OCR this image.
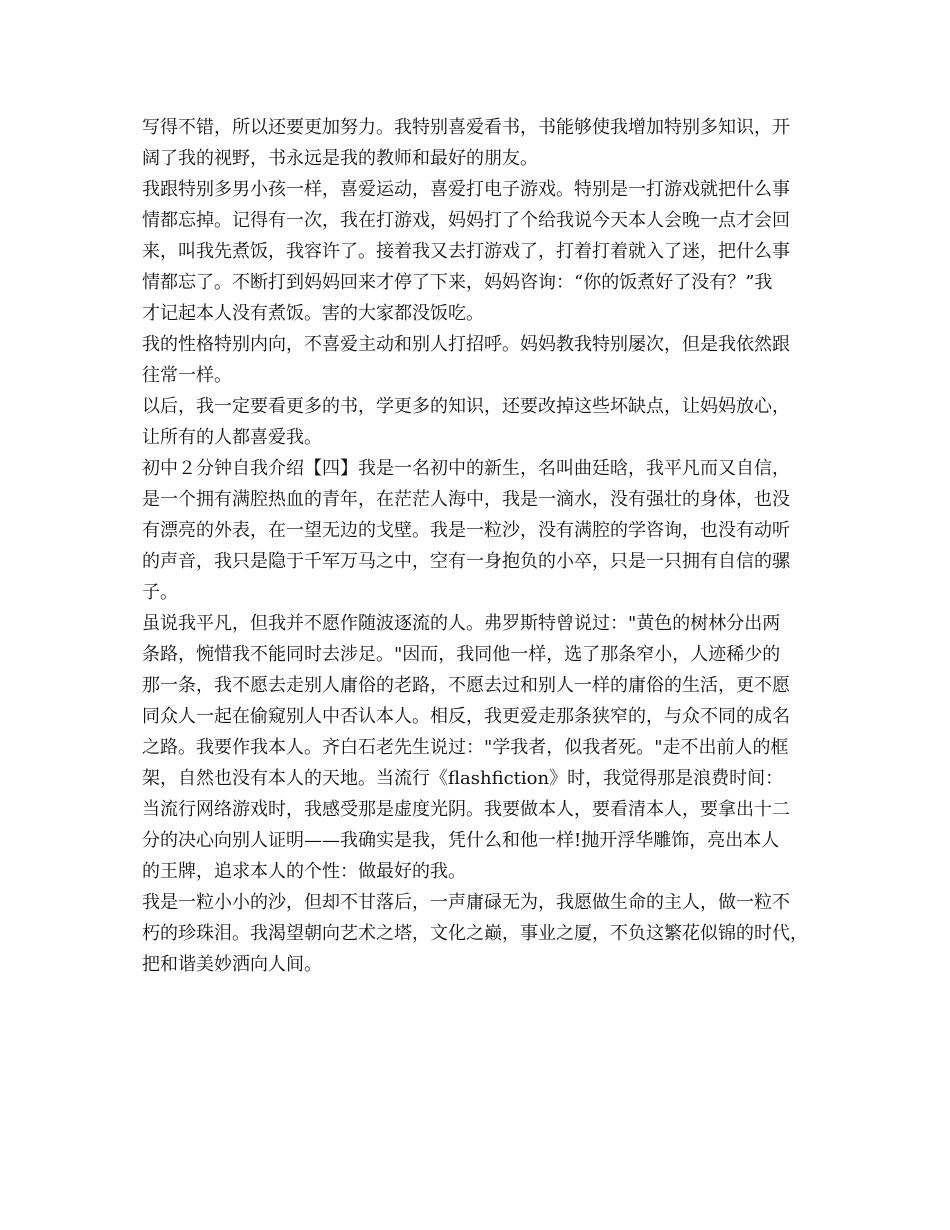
写得不错，所以还要更加努力。我特别喜爱看书，书能够使我增加特别多知识，开
阔了我的视野，书永远是我的教师和最好的朋友。

我跟特别多男小孩一样，喜爱运动，喜爱打电子游戏。特别是一打游戏就把什么事
情都忘掉。记得有一次，我在打游戏，妈妈打了个给我说今天本人会晚一点才会回
来，叫我先煮饭，我容许了。接着我又去打游戏了，打着打着就入了迷，把什么事
情都忘了。不断打到妈妈回来才停了下来，妈妈咨询：“你的饭煮好了没有？”我
才记起本人没有煮饭。害的大家都没饭吃。

我的性格特别内向，不喜爱主动和别人打招呼。妈妈教我特别屡次，但是我依然跟
往常一样。

以后，我一定要看更多的书，学更多的知识，还要改掉这些坏缺点，让妈妈放心，
让所有的人都喜爱我。

初中２分钟自我介绍【四】我是一名初中的新生，名叫曲廷晗，我平凡而又自信，
是一个拥有满腔热血的青年，在茫茫人海中，我是一滴水，没有强壮的身体，也没
有漂亮的外表，在一望无边的戈壁。我是一粒沙，没有满腔的学咨询，也没有动听
的声音，我只是隐于千军万马之中，空有一身抱负的小卒，只是一只拥有自信的骡
子。

虽说我平凡，但我并不愿作随波逐流的人。弗罗斯特曾说过："黄色的树林分出两
条路，惋惜我不能同时去涉足。"因而，我同他一样，选了那条窄小，人迹稀少的
那一条，我不愿去走别人庸俗的老路，不愿去过和别人一样的庸俗的生活，更不愿
同众人一起在偷窥别人中否认本人。相反，我更爱走那条狭窄的，与众不同的成名
之路。我要作我本人。齐白石老先生说过："学我者，似我者死。"走不出前人的框
架，自然也没有本人的天地。当流行《flashfiction》时，我觉得那是浪费时间：
当流行网络游戏时，我感受那是虚度光阴。我要做本人，要看清本人，要拿出十二
分的决心向别人证明——我确实是我，凭什么和他一样!抛开浮华雕饰，亮出本人
的王牌，追求本人的个性：做最好的我。

我是一粒小小的沙，但却不甘落后，一声庸碌无为，我愿做生命的主人，做一粒不
朽的珍珠泪。我渴望朝向艺术之塔，文化之巅，事业之厦，不负这繁花似锦的时代，
把和谐美妙洒向人间。
